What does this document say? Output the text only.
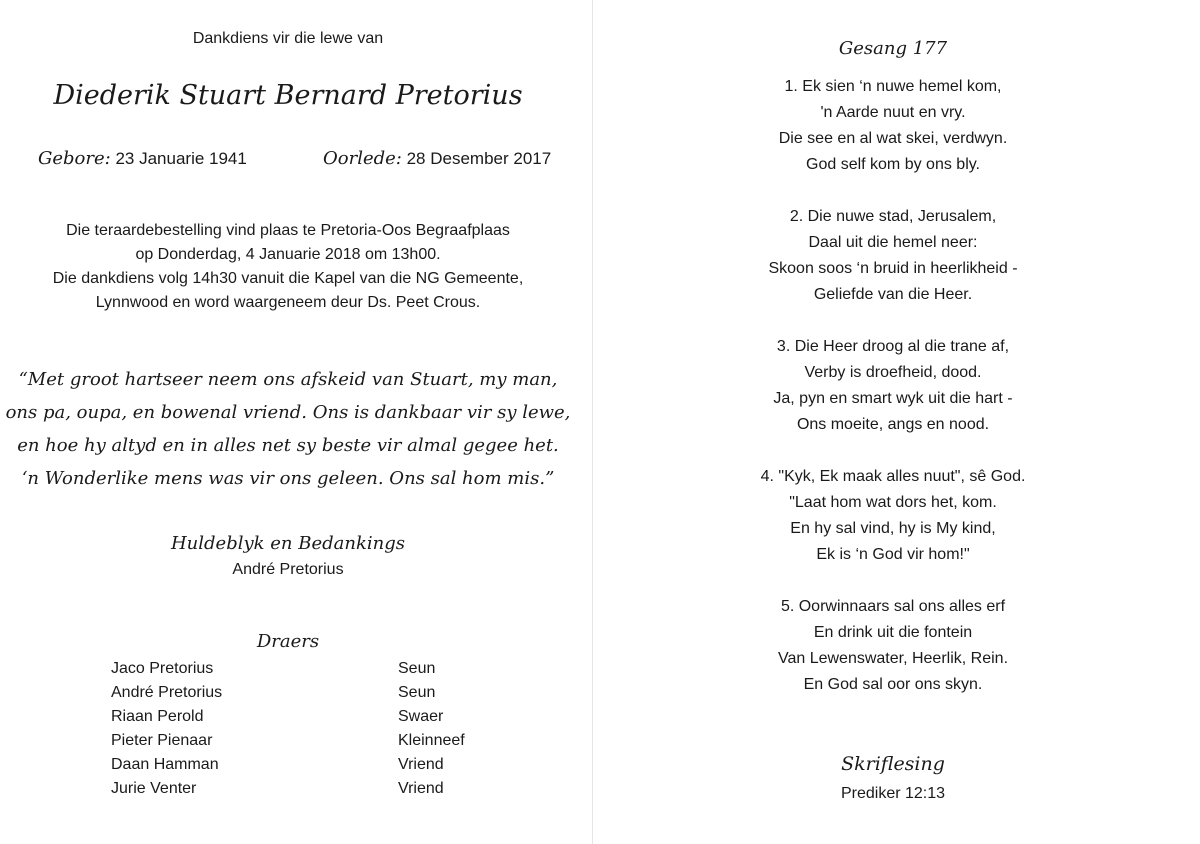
Dankdiens vir die lewe van
Diederik Stuart Bernard Pretorius
Gebore: 23 Januarie 1941	Oorlede: 28 Desember 2017
Die teraardebestelling vind plaas te Pretoria-Oos Begraafplaas
op Donderdag, 4 Januarie 2018 om 13h00.
Die dankdiens volg 14h30 vanuit die Kapel van die NG Gemeente,
Lynnwood en word waargeneem deur Ds. Peet Crous.
“Met groot hartseer neem ons afskeid van Stuart, my man,
ons pa, oupa, en bowenal vriend. Ons is dankbaar vir sy lewe,
en hoe hy altyd en in alles net sy beste vir almal gegee het.
‘n Wonderlike mens was vir ons geleen. Ons sal hom mis.”
Huldeblyk en Bedankings
André Pretorius
Draers
Jaco Pretorius	Seun
André Pretorius	Seun
Riaan Perold	Swaer
Pieter Pienaar	Kleinneef
Daan Hamman	Vriend
Jurie Venter	Vriend
Gesang 177
1. Ek sien ‘n nuwe hemel kom,
'n Aarde nuut en vry.
Die see en al wat skei, verdwyn.
God self kom by ons bly.
2. Die nuwe stad, Jerusalem,
Daal uit die hemel neer:
Skoon soos ‘n bruid in heerlikheid -
Geliefde van die Heer.
3. Die Heer droog al die trane af,
Verby is droefheid, dood.
Ja, pyn en smart wyk uit die hart -
Ons moeite, angs en nood.
4. "Kyk, Ek maak alles nuut", sê God.
"Laat hom wat dors het, kom.
En hy sal vind, hy is My kind,
Ek is ‘n God vir hom!"
5. Oorwinnaars sal ons alles erf
En drink uit die fontein
Van Lewenswater, Heerlik, Rein.
En God sal oor ons skyn.
Skriflesing
Prediker 12:13
